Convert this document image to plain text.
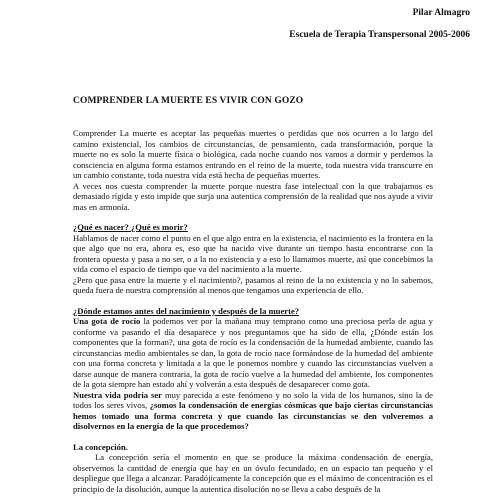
Pilar Almagro
Escuela de Terapia Transpersonal 2005-2006
COMPRENDER LA MUERTE ES VIVIR CON GOZO

Comprender La muerte es aceptar las pequeñas muertes o perdidas que nos ocurren a lo largo del camino existencial, los cambios de circunstancias, de pensamiento, cada transformación, porque la muerte no es solo la muerte física o biológica, cada noche cuando nos vamos a dormir y perdemos la consciencia en alguna forma estamos entrando en el reino de la muerte, toda nuestra vida transcurre en un cambio constante, toda nuestra vida está hecha de pequeñas muertes.

A veces nos cuesta comprender la muerte porque nuestra fase intelectual con la que trabajamos es demasiado rígida y esto impide que surja una autentica comprensión de la realidad que nos ayude a vivir mas en armonía.

¿Qué es nacer? ¿Qué es morir?

Hablamos de nacer como el punto en el que algo entra en la existencia, el nacimiento es la frontera en la que algo que no era, ahora es, eso que ha nacido vive durante un tiempo hasta encontrarse con la frontera opuesta y pasa a no ser, o a la no existencia y a eso lo llamamos muerte, así que concebimos la vida como el espacio de tiempo que va del nacimiento a la muerte.

¿Pero que pasa entre la muerte y el nacimiento?, pasamos al reino de la no existencia y no lo sabemos, queda fuera de nuestra comprensión al menos que tengamos una experiencia de ello.

¿Dónde estamos antes del nacimiento y después de la muerte?

Una gota de rocío la podemos ver por la mañana muy temprano como una preciosa perla de agua y conforme va pasando el día desaparece y nos preguntamos que ha sido de ella, ¿Dónde están los componentes que la forman?, una gota de rocío es la condensación de la humedad ambiente, cuando las circunstancias medio ambientales se dan, la gota de rocío nace formándose de la humedad del ambiente con una forma concreta y limitada a la que le ponemos nombre y cuando las circunstancias vuelven a darse aunque de manera contraria, la gota de rocío vuelve a la humedad del ambiente, los componentes de la gota siempre han estado ahí y volverán a esta después de desaparecer como gota.

Nuestra vida podría ser muy parecida a este fenómeno y no solo la vida de los humanos, sino la de todos los seres vivos, ¿somos la condensación de energías cósmicas que bajo ciertas circunstancias hemos tomado una forma concreta y que cuando las circunstancias se den volveremos a disolvernos en la energía de la que procedemos?

La concepción.

La concepción sería el momento en que se produce la máxima condensación de energía, observemos la cantidad de energía que hay en un óvulo fecundado, en un espacio tan pequeño y el despliegue que llega a alcanzar. Paradójicamente la concepción que es el máximo de concentración es el principio de la disolución, aunque la autentica disolución no se lleva a cabo después de la
